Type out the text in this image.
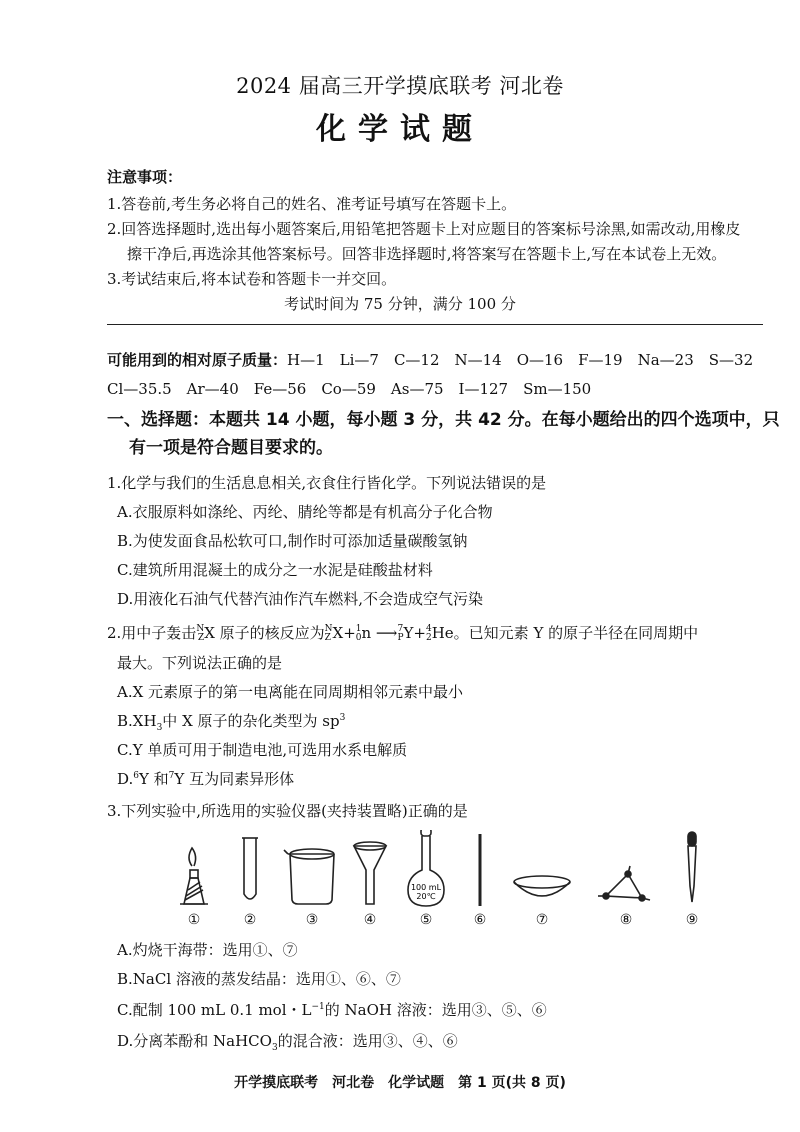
2024 届高三开学摸底联考 河北卷
化学试题
注意事项：
1.答卷前,考生务必将自己的姓名、准考证号填写在答题卡上。
2.回答选择题时,选出每小题答案后,用铅笔把答题卡上对应题目的答案标号涂黑,如需改动,用橡皮
擦干净后,再选涂其他答案标号。回答非选择题时,将答案写在答题卡上,写在本试卷上无效。
3.考试结束后,将本试卷和答题卡一并交回。
考试时间为 75 分钟，满分 100 分
可能用到的相对原子质量：H—1　Li—7　C—12　N—14　O—16　F—19　Na—23　S—32
Cl—35.5　Ar—40　Fe—56　Co—59　As—75　I—127　Sm—150
一、选择题：本题共 14 小题，每小题 3 分，共 42 分。在每小题给出的四个选项中，只
有一项是符合题目要求的。
1.化学与我们的生活息息相关,衣食住行皆化学。下列说法错误的是
A.衣服原料如涤纶、丙纶、腈纶等都是有机高分子化合物
B.为使发面食品松软可口,制作时可添加适量碳酸氢钠
C.建筑所用混凝土的成分之一水泥是硅酸盐材料
D.用液化石油气代替汽油作汽车燃料,不会造成空气污染
2.用中子轰击N
ZX 原子的核反应为N
Z X+1
0n ⟶7
PY+4
2He。已知元素 Y 的原子半径在同周期中
最大。下列说法正确的是
A.X 元素原子的第一电离能在同周期相邻元素中最小
$B.XH_3$中 X 原子的杂化类型为 $sp^3$
C.Y 单质可用于制造电池,可选用水系电解质
D.$^6$Y 和$^7$Y 互为同素异形体
3.下列实验中,所选用的实验仪器(夹持装置略)正确的是
100 mL
20℃
①	②	③	④	⑤	⑥	⑦	⑧	⑨
A.灼烧干海带：选用①、⑦
B.NaCl 溶液的蒸发结晶：选用①、⑥、⑦
C.配制 100 mL 0.1 mol・$L^{-1}$的 NaOH 溶液：选用③、⑤、⑥
D.分离苯酚和 NaHCO$_3$的混合液：选用③、④、⑥
开学摸底联考　河北卷　化学试题　第 1 页(共 8 页)
